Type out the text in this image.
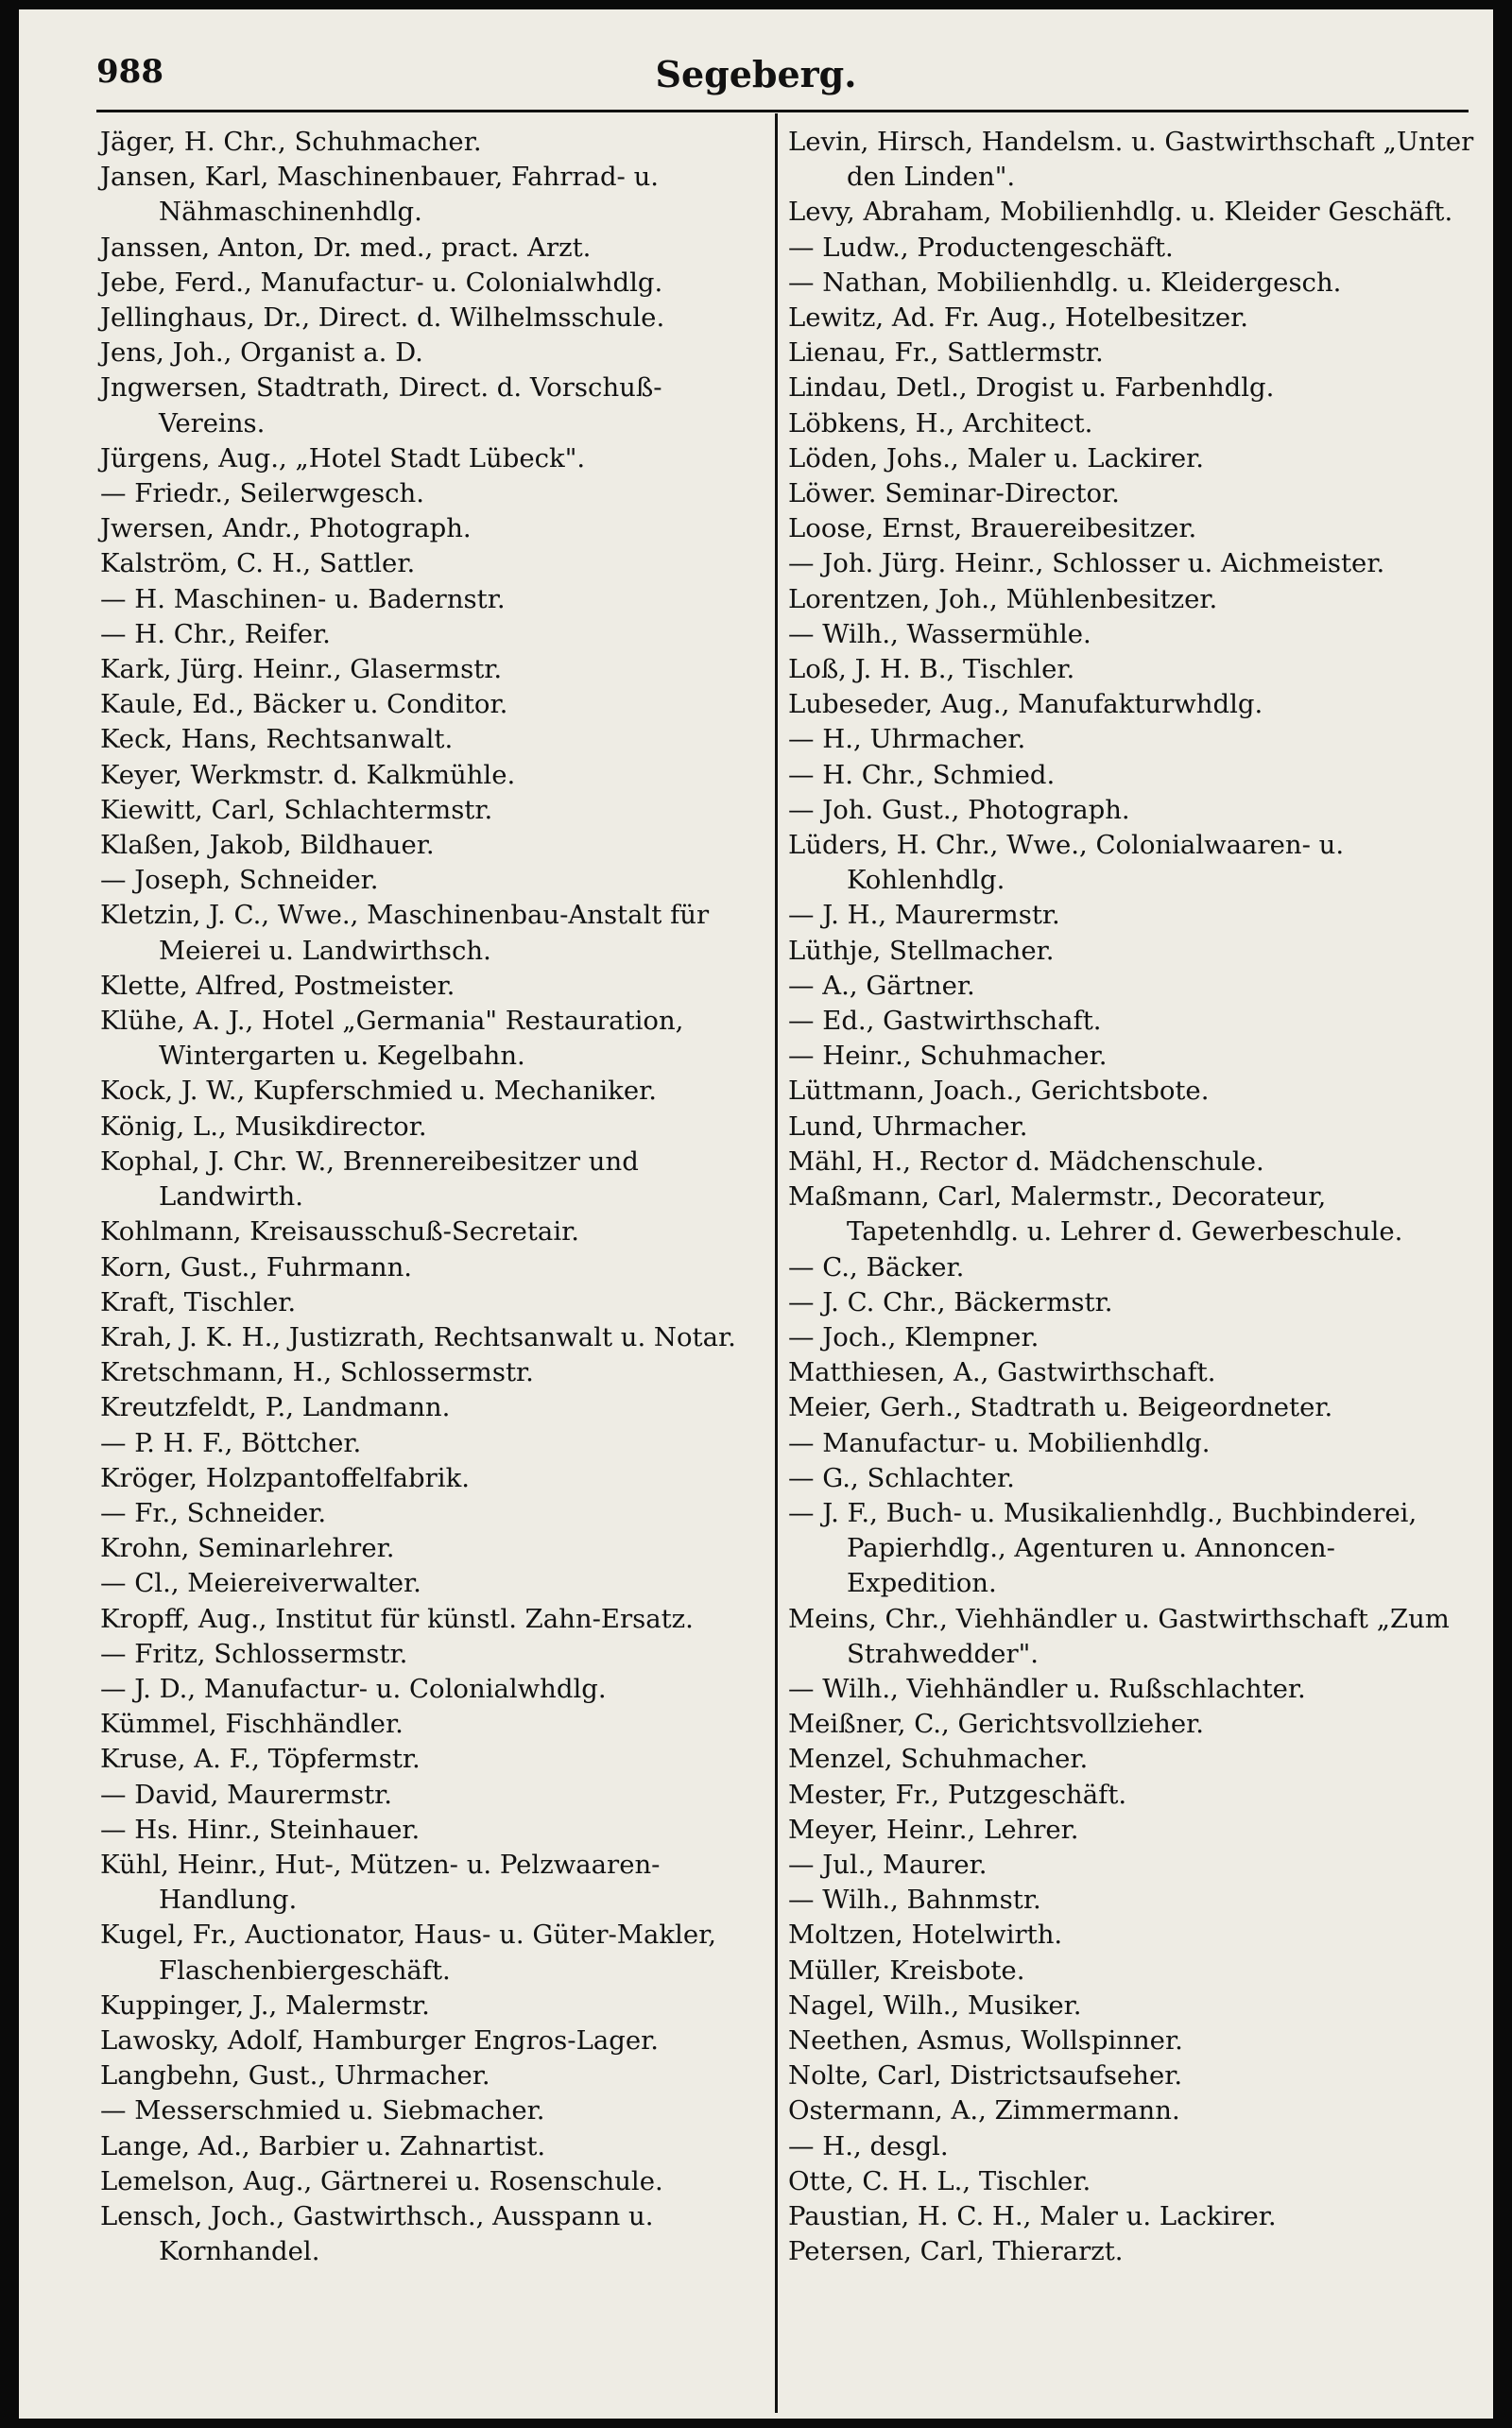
988	Segeberg.
Jäger, H. Chr., Schuhmacher.
Jansen, Karl, Maschinenbauer, Fahrrad- u. Nähmaschinenhdlg.
Janssen, Anton, Dr. med., pract. Arzt.
Jebe, Ferd., Manufactur- u. Colonialwhdlg.
Jellinghaus, Dr., Direct. d. Wilhelmsschule.
Jens, Joh., Organist a. D.
Jngwersen, Stadtrath, Direct. d. Vorschuß-Vereins.
Jürgens, Aug., „Hotel Stadt Lübeck".
— Friedr., Seilerwgesch.
Jwersen, Andr., Photograph.
Kalström, C. H., Sattler.
— H. Maschinen- u. Badernstr.
— H. Chr., Reifer.
Kark, Jürg. Heinr., Glasermstr.
Kaule, Ed., Bäcker u. Conditor.
Keck, Hans, Rechtsanwalt.
Keyer, Werkmstr. d. Kalkmühle.
Kiewitt, Carl, Schlachtermstr.
Klaßen, Jakob, Bildhauer.
— Joseph, Schneider.
Kletzin, J. C., Wwe., Maschinenbau-Anstalt für Meierei u. Landwirthsch.
Klette, Alfred, Postmeister.
Klühe, A. J., Hotel „Germania" Restauration, Wintergarten u. Kegelbahn.
Kock, J. W., Kupferschmied u. Mechaniker.
König, L., Musikdirector.
Kophal, J. Chr. W., Brennereibesitzer und Landwirth.
Kohlmann, Kreisausschuß-Secretair.
Korn, Gust., Fuhrmann.
Kraft, Tischler.
Krah, J. K. H., Justizrath, Rechtsanwalt u. Notar.
Kretschmann, H., Schlossermstr.
Kreutzfeldt, P., Landmann.
— P. H. F., Böttcher.
Kröger, Holzpantoffelfabrik.
— Fr., Schneider.
Krohn, Seminarlehrer.
— Cl., Meiereiverwalter.
Kropff, Aug., Institut für künstl. Zahn-Ersatz.
— Fritz, Schlossermstr.
— J. D., Manufactur- u. Colonialwhdlg.
Kümmel, Fischhändler.
Kruse, A. F., Töpfermstr.
— David, Maurermstr.
— Hs. Hinr., Steinhauer.
Kühl, Heinr., Hut-, Mützen- u. Pelzwaaren-Handlung.
Kugel, Fr., Auctionator, Haus- u. Güter-Makler, Flaschenbiergeschäft.
Kuppinger, J., Malermstr.
Lawosky, Adolf, Hamburger Engros-Lager.
Langbehn, Gust., Uhrmacher.
— Messerschmied u. Siebmacher.
Lange, Ad., Barbier u. Zahnartist.
Lemelson, Aug., Gärtnerei u. Rosenschule.
Lensch, Joch., Gastwirthsch., Ausspann u. Kornhandel.
Levin, Hirsch, Handelsm. u. Gastwirthschaft „Unter den Linden".
Levy, Abraham, Mobilienhdlg. u. Kleider Geschäft.
— Ludw., Productengeschäft.
— Nathan, Mobilienhdlg. u. Kleidergesch.
Lewitz, Ad. Fr. Aug., Hotelbesitzer.
Lienau, Fr., Sattlermstr.
Lindau, Detl., Drogist u. Farbenhdlg.
Löbkens, H., Architect.
Löden, Johs., Maler u. Lackirer.
Löwer. Seminar-Director.
Loose, Ernst, Brauereibesitzer.
— Joh. Jürg. Heinr., Schlosser u. Aichmeister.
Lorentzen, Joh., Mühlenbesitzer.
— Wilh., Wassermühle.
Loß, J. H. B., Tischler.
Lubeseder, Aug., Manufakturwhdlg.
— H., Uhrmacher.
— H. Chr., Schmied.
— Joh. Gust., Photograph.
Lüders, H. Chr., Wwe., Colonialwaaren- u. Kohlenhdlg.
— J. H., Maurermstr.
Lüthje, Stellmacher.
— A., Gärtner.
— Ed., Gastwirthschaft.
— Heinr., Schuhmacher.
Lüttmann, Joach., Gerichtsbote.
Lund, Uhrmacher.
Mähl, H., Rector d. Mädchenschule.
Maßmann, Carl, Malermstr., Decorateur, Tapetenhdlg. u. Lehrer d. Gewerbeschule.
— C., Bäcker.
— J. C. Chr., Bäckermstr.
— Joch., Klempner.
Matthiesen, A., Gastwirthschaft.
Meier, Gerh., Stadtrath u. Beigeordneter.
— Manufactur- u. Mobilienhdlg.
— G., Schlachter.
— J. F., Buch- u. Musikalienhdlg., Buchbinderei, Papierhdlg., Agenturen u. Annoncen-Expedition.
Meins, Chr., Viehhändler u. Gastwirthschaft „Zum Strahwedder".
— Wilh., Viehhändler u. Rußschlachter.
Meißner, C., Gerichtsvollzieher.
Menzel, Schuhmacher.
Mester, Fr., Putzgeschäft.
Meyer, Heinr., Lehrer.
— Jul., Maurer.
— Wilh., Bahnmstr.
Moltzen, Hotelwirth.
Müller, Kreisbote.
Nagel, Wilh., Musiker.
Neethen, Asmus, Wollspinner.
Nolte, Carl, Districtsaufseher.
Ostermann, A., Zimmermann.
— H., desgl.
Otte, C. H. L., Tischler.
Paustian, H. C. H., Maler u. Lackirer.
Petersen, Carl, Thierarzt.
